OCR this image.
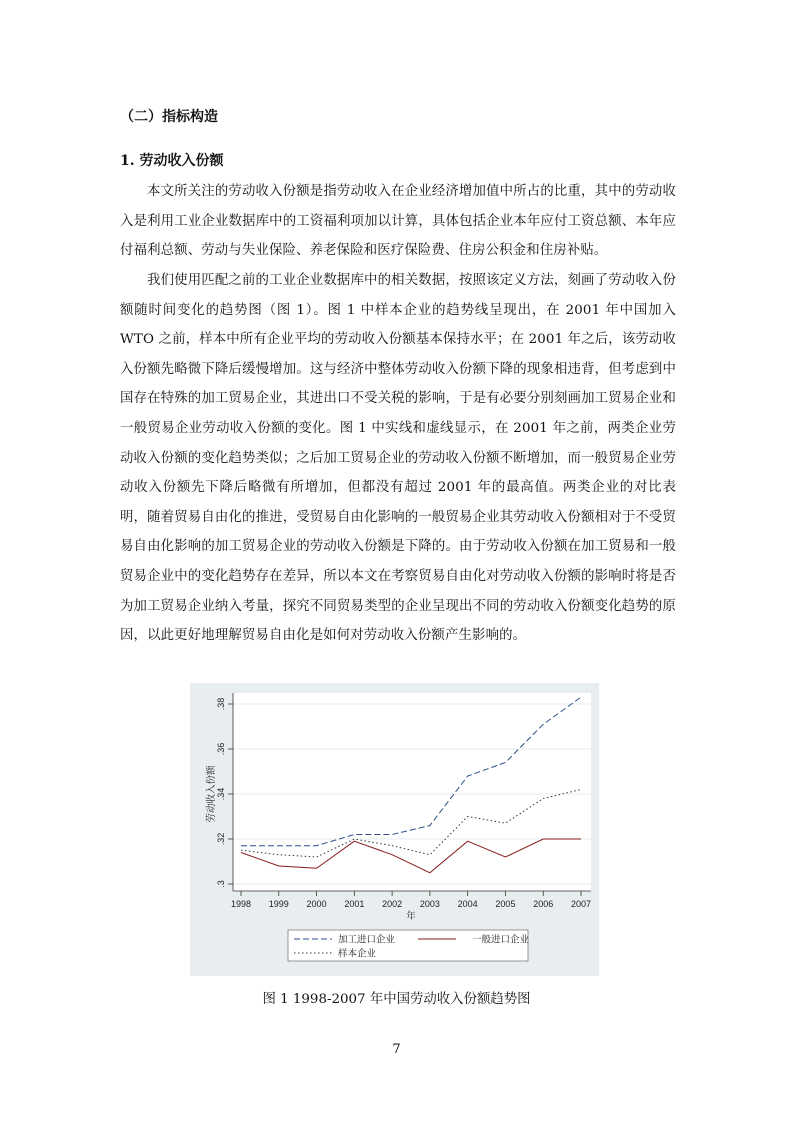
（二）指标构造
1. 劳动收入份额

本文所关注的劳动收入份额是指劳动收入在企业经济增加值中所占的比重，其中的劳动收入是利用工业企业数据库中的工资福利项加以计算，具体包括企业本年应付工资总额、本年应付福利总额、劳动与失业保险、养老保险和医疗保险费、住房公积金和住房补贴。

我们使用匹配之前的工业企业数据库中的相关数据，按照该定义方法，刻画了劳动收入份额随时间变化的趋势图（图 1）。图 1 中样本企业的趋势线呈现出，在 2001 年中国加入 WTO 之前，样本中所有企业平均的劳动收入份额基本保持水平；在 2001 年之后，该劳动收入份额先略微下降后缓慢增加。这与经济中整体劳动收入份额下降的现象相违背，但考虑到中国存在特殊的加工贸易企业，其进出口不受关税的影响，于是有必要分别刻画加工贸易企业和一般贸易企业劳动收入份额的变化。图 1 中实线和虚线显示，在 2001 年之前，两类企业劳动收入份额的变化趋势类似；之后加工贸易企业的劳动收入份额不断增加，而一般贸易企业劳动收入份额先下降后略微有所增加，但都没有超过 2001 年的最高值。两类企业的对比表明，随着贸易自由化的推进，受贸易自由化影响的一般贸易企业其劳动收入份额相对于不受贸易自由化影响的加工贸易企业的劳动收入份额是下降的。由于劳动收入份额在加工贸易和一般贸易企业中的变化趋势存在差异，所以本文在考察贸易自由化对劳动收入份额的影响时将是否为加工贸易企业纳入考量，探究不同贸易类型的企业呈现出不同的劳动收入份额变化趋势的原因，以此更好地理解贸易自由化是如何对劳动收入份额产生影响的。

.3
.32
.34
.36
.38
1998 1999 2000 2001 2002 2003 2004 2005 2006 2007
年
劳动收入份额
加工进口企业	一般进口企业
样本企业
图 1 1998-2007 年中国劳动收入份额趋势图
7
